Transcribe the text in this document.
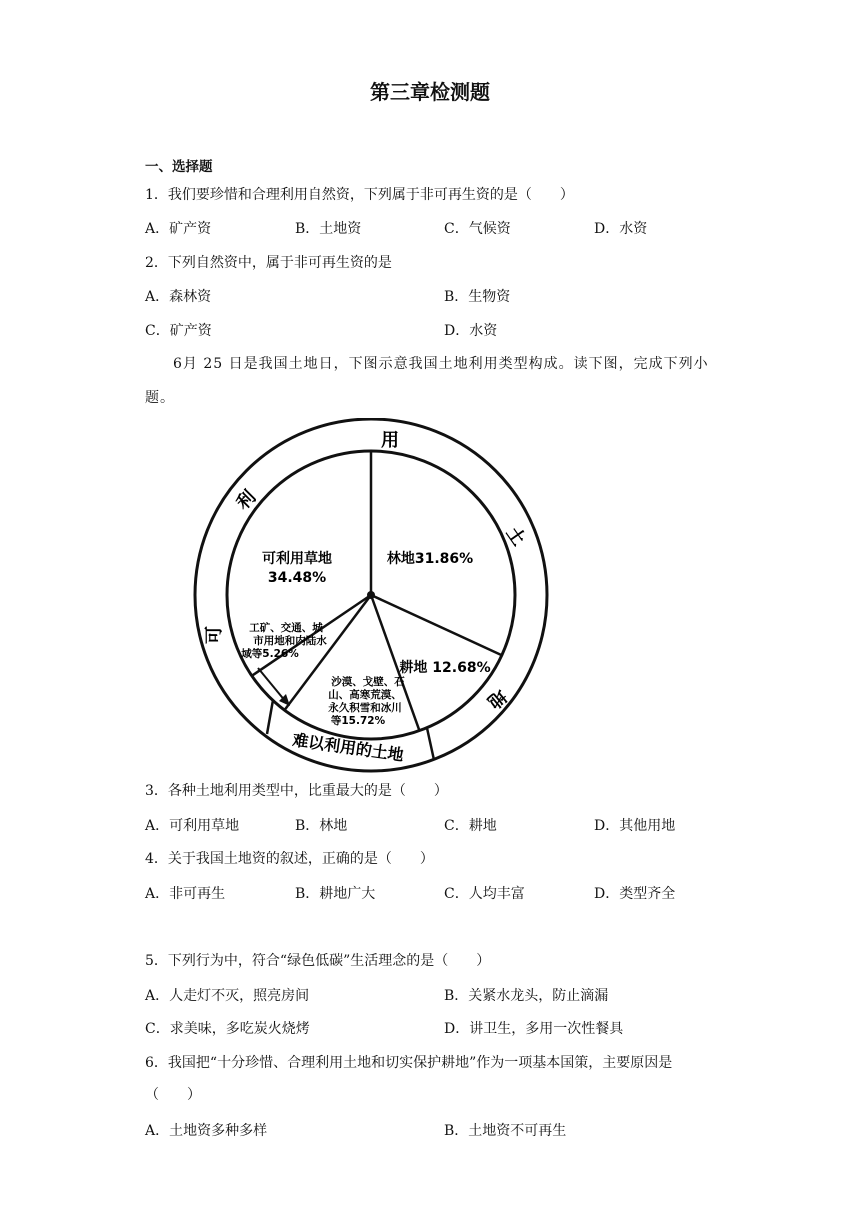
第三章检测题
一、选择题
1．我们要珍惜和合理利用自然资，下列属于非可再生资的是（　　）
A．矿产资	B．土地资	C．气候资	D．水资
2．下列自然资中，属于非可再生资的是
A．森林资	B．生物资
C．矿产资	D．水资
6月 25 日是我国土地日，下图示意我国土地利用类型构成。读下图，完成下列小题。
用
利
土
可
地
难以利用的土地
林地31.86%
耕地 12.68%
沙漠、戈壁、石
山、高寒荒漠、
永久积雪和冰川
等15.72%
工矿、交通、城
市用地和内陆水
域等5.26%
可利用草地
34.48%
3．各种土地利用类型中，比重最大的是（　　）
A．可利用草地	B．林地	C．耕地	D．其他用地
4．关于我国土地资的叙述，正确的是（　　）
A．非可再生	B．耕地广大	C．人均丰富	D．类型齐全
5．下列行为中，符合“绿色低碳”生活理念的是（　　）
A．人走灯不灭，照亮房间	B．关紧水龙头，防止滴漏
C．求美味，多吃炭火烧烤	D．讲卫生，多用一次性餐具
6．我国把“十分珍惜、合理利用土地和切实保护耕地”作为一项基本国策，主要原因是
（　　）
A．土地资多种多样	B．土地资不可再生
